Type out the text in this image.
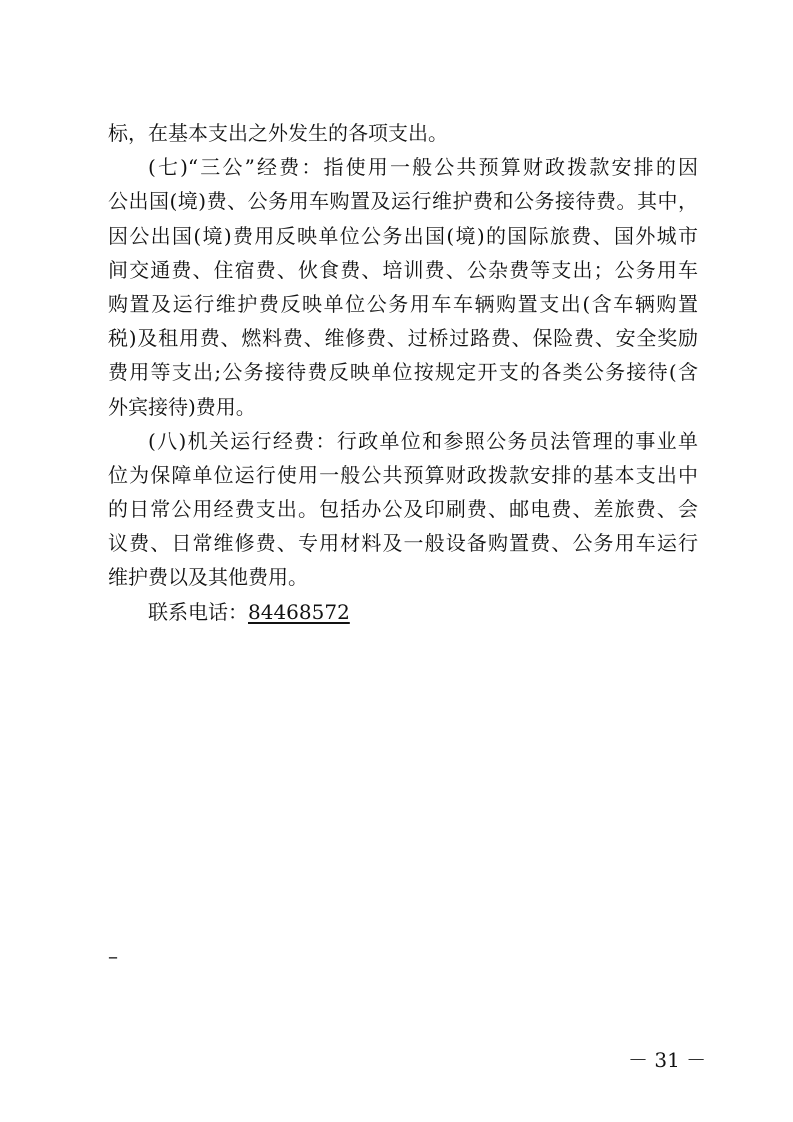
标，在基本支出之外发生的各项支出。
(七)“三公”经费：指使用一般公共预算财政拨款安排的因
公出国(境)费、公务用车购置及运行维护费和公务接待费。其中，
因公出国(境)费用反映单位公务出国(境)的国际旅费、国外城市
间交通费、住宿费、伙食费、培训费、公杂费等支出；公务用车
购置及运行维护费反映单位公务用车车辆购置支出(含车辆购置
税)及租用费、燃料费、维修费、过桥过路费、保险费、安全奖励
费用等支出;公务接待费反映单位按规定开支的各类公务接待(含
外宾接待)费用。
(八)机关运行经费：行政单位和参照公务员法管理的事业单
位为保障单位运行使用一般公共预算财政拨款安排的基本支出中
的日常公用经费支出。包括办公及印刷费、邮电费、差旅费、会
议费、日常维修费、专用材料及一般设备购置费、公务用车运行
维护费以及其他费用。
联系电话：84468572
–
－ 31 －
